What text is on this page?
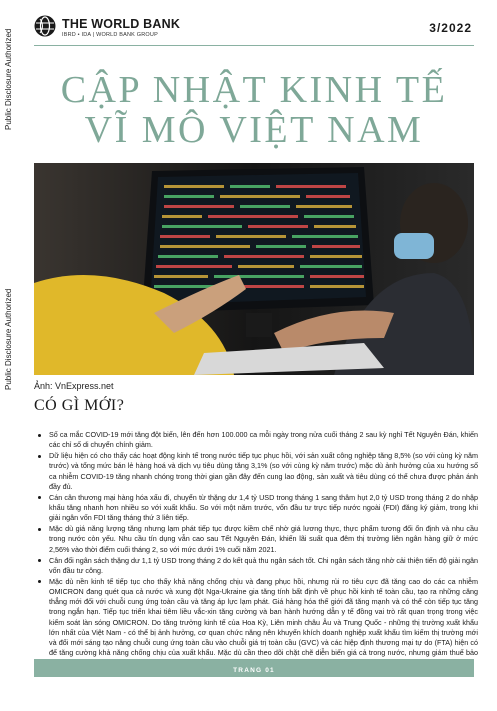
Public Disclosure Authorized
Public Disclosure Authorized
THE WORLD BANK
IBRD • IDA | WORLD BANK GROUP	3/2022
CẬP NHẬT KINH TẾ
VĨ MÔ VIỆT NAM
Ảnh: VnExpress.net
CÓ GÌ MỚI?
Số ca mắc COVID-19 mới tăng đột biến, lên đến hơn 100.000 ca mỗi ngày trong nửa cuối tháng 2 sau kỳ nghỉ Tết Nguyên Đán, khiến các chỉ số di chuyển chính giảm.
Dữ liệu hiện có cho thấy các hoạt động kinh tế trong nước tiếp tục phục hồi, với sản xuất công nghiệp tăng 8,5% (so với cùng kỳ năm trước) và tổng mức bán lẻ hàng hoá và dịch vụ tiêu dùng tăng 3,1% (so với cùng kỳ năm trước) mặc dù ảnh hưởng của xu hướng số ca nhiễm COVID-19 tăng nhanh chóng trong thời gian gần đây đến cung lao động, sản xuất và tiêu dùng có thể chưa được phản ánh đầy đủ.
Cán cân thương mại hàng hóa xấu đi, chuyển từ thặng dư 1,4 tỷ USD trong tháng 1 sang thâm hụt 2,0 tỷ USD trong tháng 2 do nhập khẩu tăng nhanh hơn nhiều so với xuất khẩu. So với một năm trước, vốn đầu tư trực tiếp nước ngoài (FDI) đăng ký giảm, trong khi giải ngân vốn FDI tăng tháng thứ 3 liên tiếp.
Mặc dù giá năng lượng tăng nhưng lạm phát tiếp tục được kiềm chế nhờ giá lương thực, thực phẩm tương đối ổn định và nhu cầu trong nước còn yếu. Nhu cầu tín dụng vẫn cao sau Tết Nguyên Đán, khiến lãi suất qua đêm thị trường liên ngân hàng giữ ở mức 2,56% vào thời điểm cuối tháng 2, so với mức dưới 1% cuối năm 2021.
Cân đối ngân sách thặng dư 1,1 tỷ USD trong tháng 2 do kết quả thu ngân sách tốt. Chi ngân sách tăng nhờ cải thiện tiến độ giải ngân vốn đầu tư công.
Mặc dù nền kinh tế tiếp tục cho thấy khả năng chống chịu và đang phục hồi, nhưng rủi ro tiêu cực đã tăng cao do các ca nhiễm OMICRON đang quét qua cả nước và xung đột Nga-Ukraine gia tăng tính bất định về phục hồi kinh tế toàn cầu, tạo ra những căng thẳng mới đối với chuỗi cung ứng toàn cầu và tăng áp lực lạm phát. Giá hàng hóa thế giới đã tăng mạnh và có thể còn tiếp tục tăng trong ngắn hạn. Tiếp tục triển khai tiêm liều vắc-xin tăng cường và ban hành hướng dẫn y tế đồng vai trò rất quan trọng trong việc kiểm soát làn sóng OMICRON. Do tăng trưởng kinh tế của Hoa Kỳ, Liên minh châu Âu và Trung Quốc - những thị trường xuất khẩu lớn nhất của Việt Nam - có thể bị ảnh hưởng, cơ quan chức năng nên khuyến khích doanh nghiệp xuất khẩu tìm kiếm thị trường mới và đổi mới sáng tạo nâng chuỗi cung ứng toàn cầu vào chuỗi giá trị toàn cầu (GVC) và các hiệp định thương mại tự do (FTA) hiện có để tăng cường khả năng chống chịu của xuất khẩu. Mặc dù cần theo dõi chặt chẽ diễn biến giá cả trong nước, nhưng giám thuế bảo
TRANG 01
